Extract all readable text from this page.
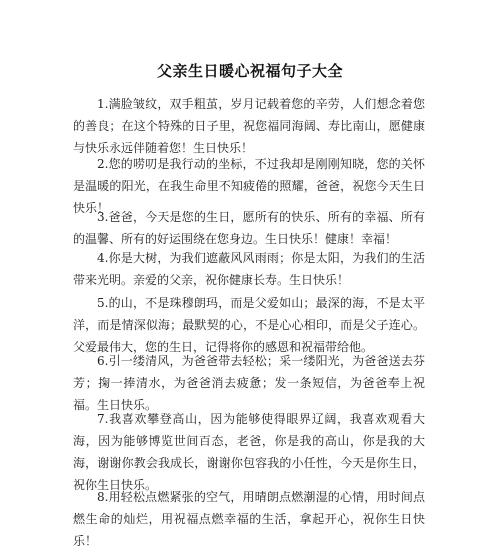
父亲生日暖心祝福句子大全

1.满脸皱纹，双手粗茧，岁月记载着您的辛劳，人们想念着您的善良；在这个特殊的日子里，祝您福同海阔、寿比南山，愿健康与快乐永远伴随着您！生日快乐！

2.您的唠叨是我行动的坐标，不过我却是刚刚知晓，您的关怀是温暖的阳光，在我生命里不知疲倦的照耀，爸爸，祝您今天生日快乐！

3.爸爸，今天是您的生日，愿所有的快乐、所有的幸福、所有的温馨、所有的好运围绕在您身边。生日快乐！健康！幸福！

4.你是大树，为我们遮蔽风风雨雨；你是太阳，为我们的生活带来光明。亲爱的父亲，祝你健康长寿。生日快乐！

5.的山，不是珠穆朗玛，而是父爱如山；最深的海，不是太平洋，而是情深似海；最默契的心，不是心心相印，而是父子连心。父爱最伟大，您的生日，记得将你的感恩和祝福带给他。

6.引一缕清风，为爸爸带去轻松；采一缕阳光，为爸爸送去芬芳；掬一捧清水，为爸爸消去疲惫；发一条短信，为爸爸奉上祝福。生日快乐。

7.我喜欢攀登高山，因为能够使得眼界辽阔，我喜欢观看大海，因为能够博览世间百态，老爸，你是我的高山，你是我的大海，谢谢你教会我成长，谢谢你包容我的小任性，今天是你生日，祝你生日快乐。

8.用轻松点燃紧张的空气，用晴朗点燃潮湿的心情，用时间点燃生命的灿烂，用祝福点燃幸福的生活，拿起开心，祝你生日快乐！
